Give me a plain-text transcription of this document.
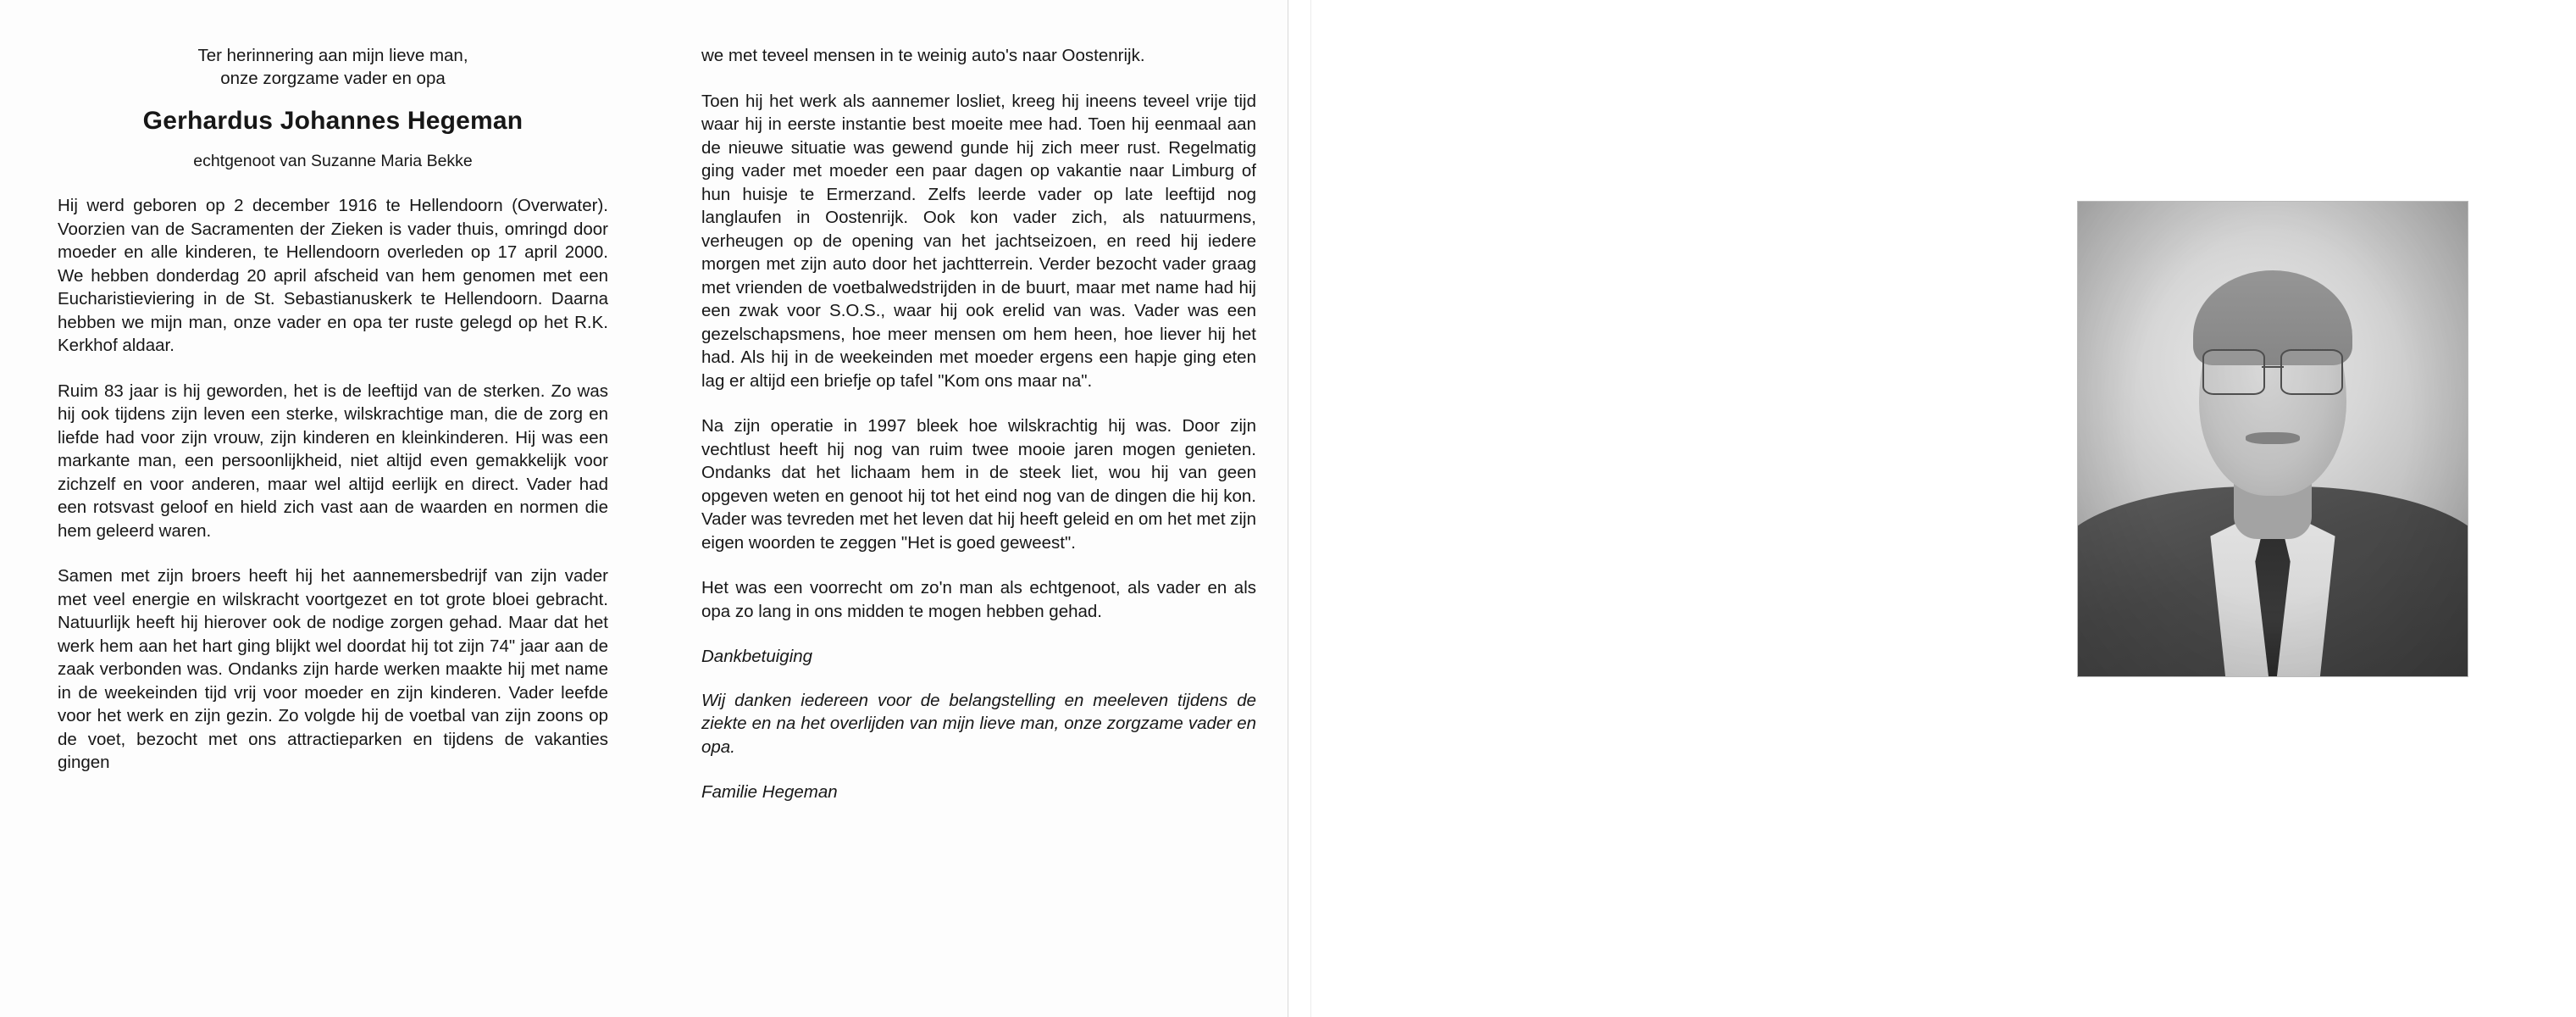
Ter herinnering aan mijn lieve man,
onze zorgzame vader en opa
Gerhardus Johannes Hegeman
echtgenoot van Suzanne Maria Bekke

Hij werd geboren op 2 december 1916 te Hellendoorn (Overwater). Voorzien van de Sacramenten der Zieken is vader thuis, omringd door moeder en alle kinderen, te Hellendoorn overleden op 17 april 2000. We hebben donderdag 20 april afscheid van hem genomen met een Eucharistieviering in de St. Sebastianuskerk te Hellendoorn. Daarna hebben we mijn man, onze vader en opa ter ruste gelegd op het R.K. Kerkhof aldaar.

Ruim 83 jaar is hij geworden, het is de leeftijd van de sterken. Zo was hij ook tijdens zijn leven een sterke, wilskrachtige man, die de zorg en liefde had voor zijn vrouw, zijn kinderen en kleinkinderen. Hij was een markante man, een persoonlijkheid, niet altijd even gemakkelijk voor zichzelf en voor anderen, maar wel altijd eerlijk en direct. Vader had een rotsvast geloof en hield zich vast aan de waarden en normen die hem geleerd waren.

Samen met zijn broers heeft hij het aannemersbedrijf van zijn vader met veel energie en wilskracht voortgezet en tot grote bloei gebracht. Natuurlijk heeft hij hierover ook de nodige zorgen gehad. Maar dat het werk hem aan het hart ging blijkt wel doordat hij tot zijn 74" jaar aan de zaak verbonden was. Ondanks zijn harde werken maakte hij met name in de weekeinden tijd vrij voor moeder en zijn kinderen. Vader leefde voor het werk en zijn gezin. Zo volgde hij de voetbal van zijn zoons op de voet, bezocht met ons attractieparken en tijdens de vakanties gingen

we met teveel mensen in te weinig auto's naar Oostenrijk.

Toen hij het werk als aannemer losliet, kreeg hij ineens teveel vrije tijd waar hij in eerste instantie best moeite mee had. Toen hij eenmaal aan de nieuwe situatie was gewend gunde hij zich meer rust. Regelmatig ging vader met moeder een paar dagen op vakantie naar Limburg of hun huisje te Ermerzand. Zelfs leerde vader op late leeftijd nog langlaufen in Oostenrijk. Ook kon vader zich, als natuurmens, verheugen op de opening van het jachtseizoen, en reed hij iedere morgen met zijn auto door het jachtterrein. Verder bezocht vader graag met vrienden de voetbalwedstrijden in de buurt, maar met name had hij een zwak voor S.O.S., waar hij ook erelid van was. Vader was een gezelschapsmens, hoe meer mensen om hem heen, hoe liever hij het had. Als hij in de weekeinden met moeder ergens een hapje ging eten lag er altijd een briefje op tafel "Kom ons maar na".

Na zijn operatie in 1997 bleek hoe wilskrachtig hij was. Door zijn vechtlust heeft hij nog van ruim twee mooie jaren mogen genieten. Ondanks dat het lichaam hem in de steek liet, wou hij van geen opgeven weten en genoot hij tot het eind nog van de dingen die hij kon. Vader was tevreden met het leven dat hij heeft geleid en om het met zijn eigen woorden te zeggen "Het is goed geweest".

Het was een voorrecht om zo'n man als echtgenoot, als vader en als opa zo lang in ons midden te mogen hebben gehad.

Dankbetuiging

Wij danken iedereen voor de belangstelling en meeleven tijdens de ziekte en na het overlijden van mijn lieve man, onze zorgzame vader en opa.

Familie Hegeman
